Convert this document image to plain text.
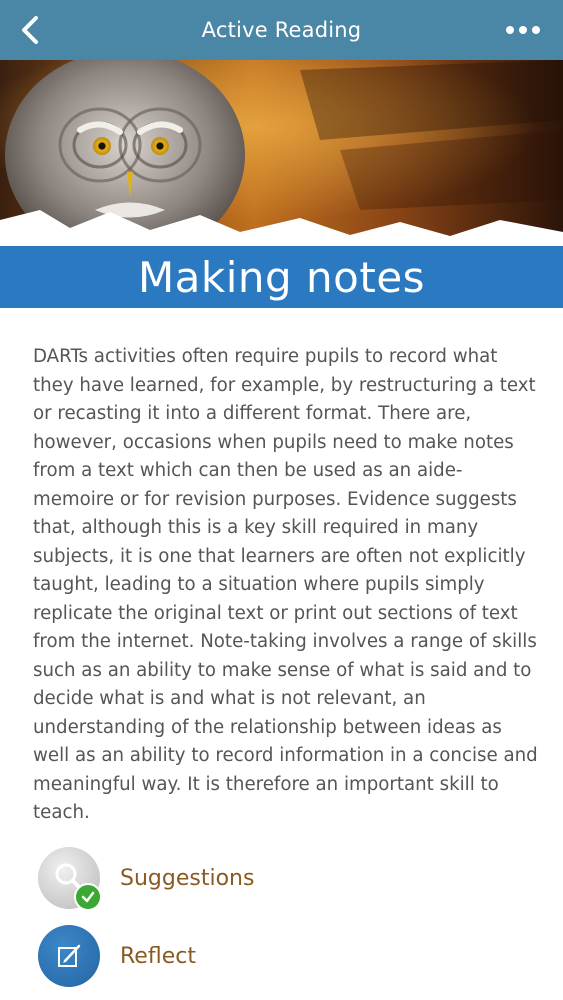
Active Reading
Making notes

DARTs activities often require pupils to record what they have learned, for example, by restructuring a text or recasting it into a different format. There are, however, occasions when pupils need to make notes from a text which can then be used as an aide-memoire or for revision purposes. Evidence suggests that, although this is a key skill required in many subjects, it is one that learners are often not explicitly taught, leading to a situation where pupils simply replicate the original text or print out sections of text from the internet. Note-taking involves a range of skills such as an ability to make sense of what is said and to decide what is and what is not relevant, an understanding of the relationship between ideas as well as an ability to record information in a concise and meaningful way. It is therefore an important skill to teach.

Suggestions
Reflect
